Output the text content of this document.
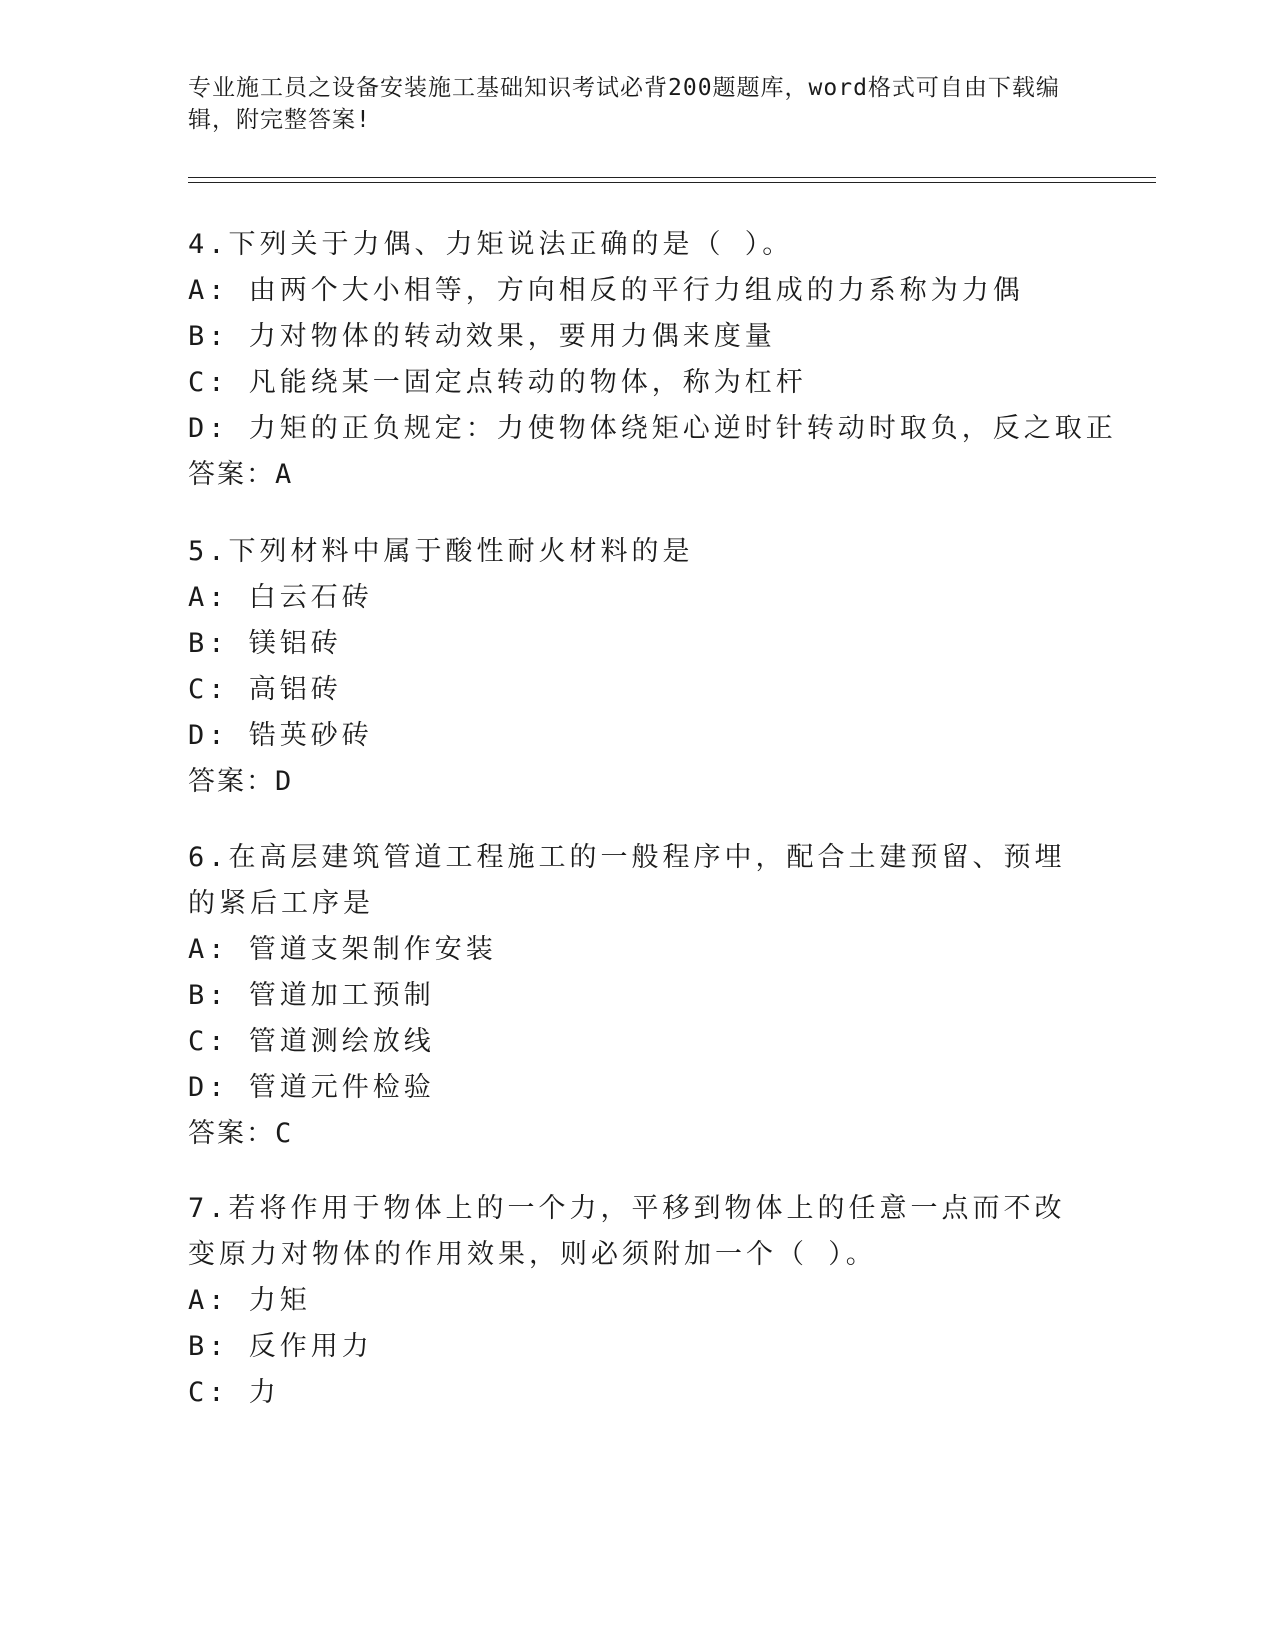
专业施工员之设备安装施工基础知识考试必背200题题库，word格式可自由下载编辑，附完整答案!
4.下列关于力偶、力矩说法正确的是（ ）。
A: 由两个大小相等，方向相反的平行力组成的力系称为力偶
B: 力对物体的转动效果，要用力偶来度量
C: 凡能绕某一固定点转动的物体，称为杠杆
D: 力矩的正负规定：力使物体绕矩心逆时针转动时取负，反之取正
答案：A
5.下列材料中属于酸性耐火材料的是
A: 白云石砖
B: 镁铝砖
C: 高铝砖
D: 锆英砂砖
答案：D
6.在高层建筑管道工程施工的一般程序中，配合土建预留、预埋的紧后工序是
A: 管道支架制作安装
B: 管道加工预制
C: 管道测绘放线
D: 管道元件检验
答案：C
7.若将作用于物体上的一个力，平移到物体上的任意一点而不改变原力对物体的作用效果，则必须附加一个（ ）。
A: 力矩
B: 反作用力
C: 力
